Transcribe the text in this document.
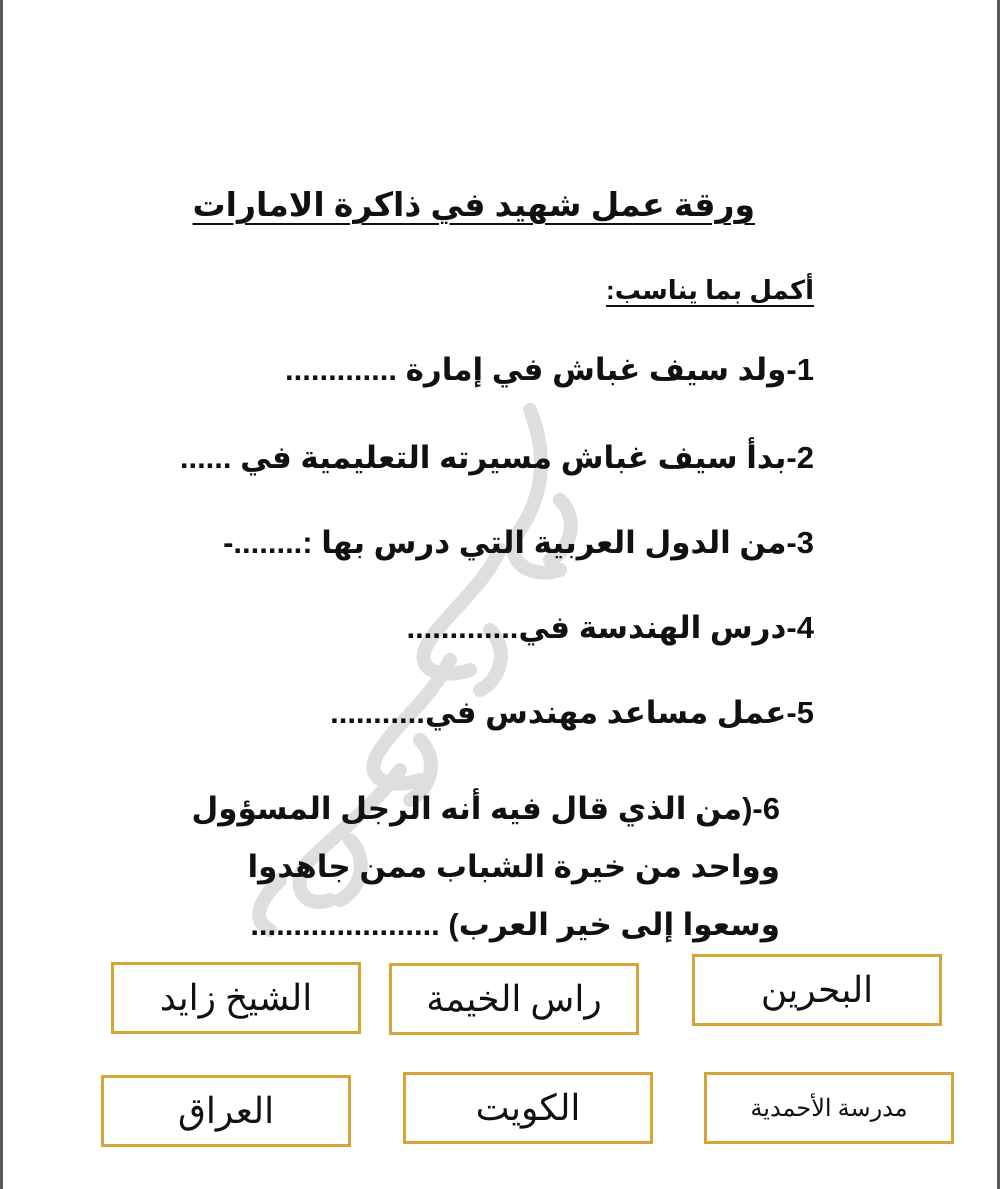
ورقة عمل شهيد في ذاكرة الامارات
أكمل بما يناسب:
1-ولد سيف غباش في إمارة .............
2-بدأ سيف غباش مسيرته التعليمية في ......
3-من الدول العربية التي درس بها :........-
4-درس الهندسة في.............
5-عمل مساعد مهندس في...........
6-(من الذي قال فيه أنه الرجل المسؤول
وواحد من خيرة الشباب ممن جاهدوا
وسعوا إلى خير العرب) ......................
البحرين
راس الخيمة
الشيخ زايد
مدرسة الأحمدية
الكويت
العراق
